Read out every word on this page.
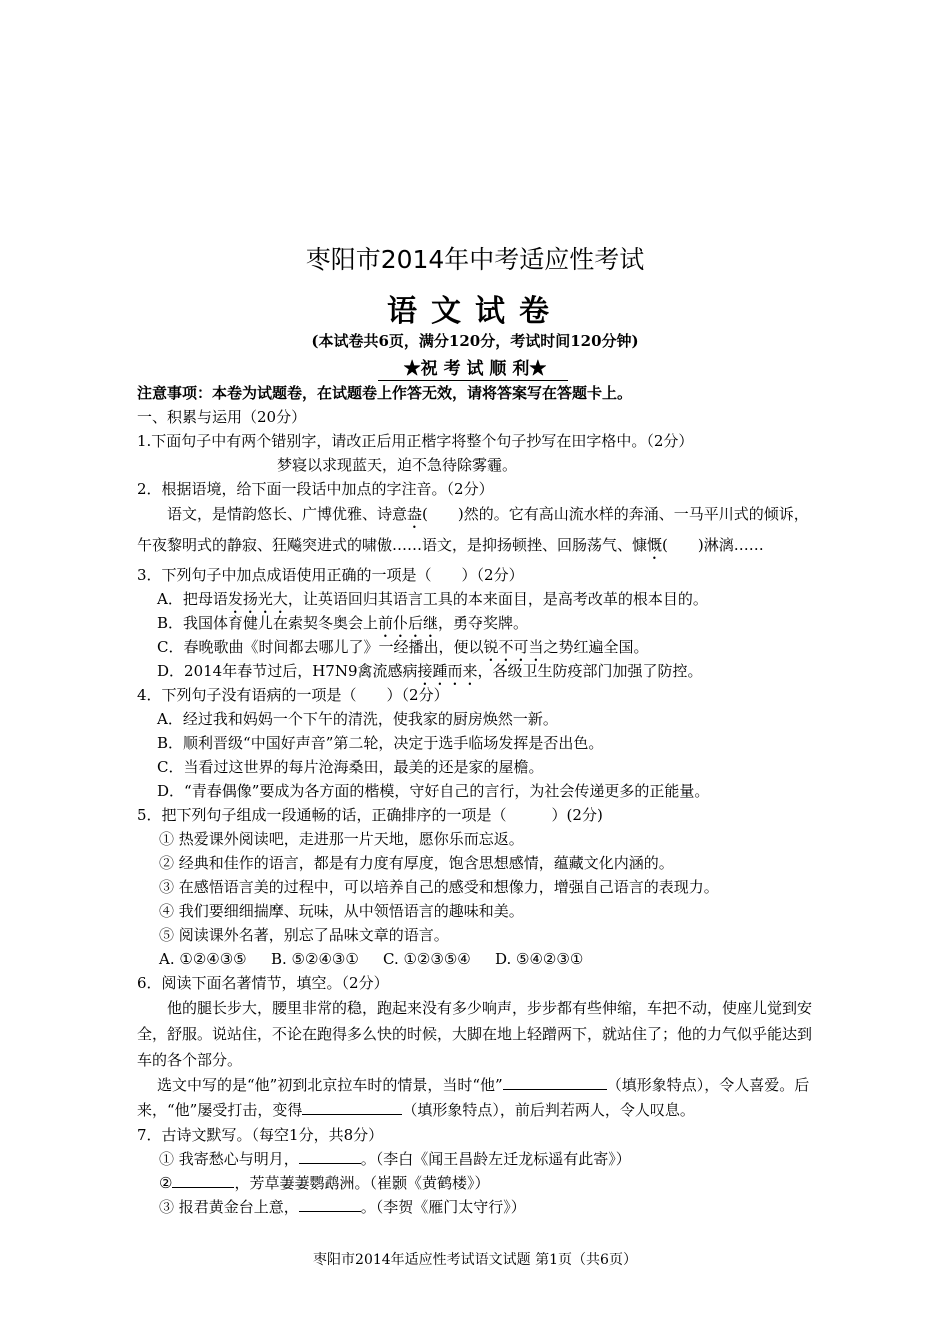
枣阳市2014年中考适应性考试
语文试卷
(本试卷共6页，满分120分，考试时间120分钟)
★祝 考 试 顺 利★
注意事项：本卷为试题卷，在试题卷上作答无效，请将答案写在答题卡上。
一、积累与运用（20分）
1.下面句子中有两个错别字，请改正后用正楷字将整个句子抄写在田字格中。（2分）
梦寝以求现蓝天，迫不急待除雾霾。
2．根据语境，给下面一段话中加点的字注音。（2分）
语文，是情韵悠长、广博优雅、诗意盎(　　)然的。它有高山流水样的奔涌、一马平川式的倾诉，午夜黎明式的静寂、狂飚突进式的啸傲……语文，是抑扬顿挫、回肠荡气、慷慨(　　)淋漓……
3．下列句子中加点成语使用正确的一项是（　　）（2分）
A．把母语发扬光大，让英语回归其语言工具的本来面目，是高考改革的根本目的。
B．我国体育健儿在索契冬奥会上前仆后继，勇夺奖牌。
C．春晚歌曲《时间都去哪儿了》一经播出，便以锐不可当之势红遍全国。
D．2014年春节过后，H7N9禽流感病接踵而来，各级卫生防疫部门加强了防控。
4．下列句子没有语病的一项是（　　）（2分）
A．经过我和妈妈一个下午的清洗，使我家的厨房焕然一新。
B．顺利晋级“中国好声音”第二轮，决定于选手临场发挥是否出色。
C．当看过这世界的每片沧海桑田，最美的还是家的屋檐。
D．“青春偶像”要成为各方面的楷模，守好自己的言行，为社会传递更多的正能量。
5．把下列句子组成一段通畅的话，正确排序的一项是（　　　）(2分)
① 热爱课外阅读吧，走进那一片天地，愿你乐而忘返。
② 经典和佳作的语言，都是有力度有厚度，饱含思想感情，蕴藏文化内涵的。
③ 在感悟语言美的过程中，可以培养自己的感受和想像力，增强自己语言的表现力。
④ 我们要细细揣摩、玩味，从中领悟语言的趣味和美。
⑤ 阅读课外名著，别忘了品味文章的语言。
A. ①②④③⑤ B. ⑤②④③① C. ①②③⑤④ D. ⑤④②③①
6．阅读下面名著情节，填空。（2分）
他的腿长步大，腰里非常的稳，跑起来没有多少响声，步步都有些伸缩，车把不动，使座儿觉到安全，舒服。说站住，不论在跑得多么快的时候，大脚在地上轻蹭两下，就站住了；他的力气似乎能达到车的各个部分。
选文中写的是“他”初到北京拉车时的情景，当时“他”	（填形象特点），令人喜爱。后来，“他”屡受打击，变得	（填形象特点），前后判若两人，令人叹息。
7．古诗文默写。（每空1分，共8分）
① 我寄愁心与明月，	。（李白《闻王昌龄左迁龙标遥有此寄》）
②	，芳草萋萋鹦鹉洲。（崔颢《黄鹤楼》）
③ 报君黄金台上意，	。（李贺《雁门太守行》）
枣阳市2014年适应性考试语文试题 第1页（共6页）
